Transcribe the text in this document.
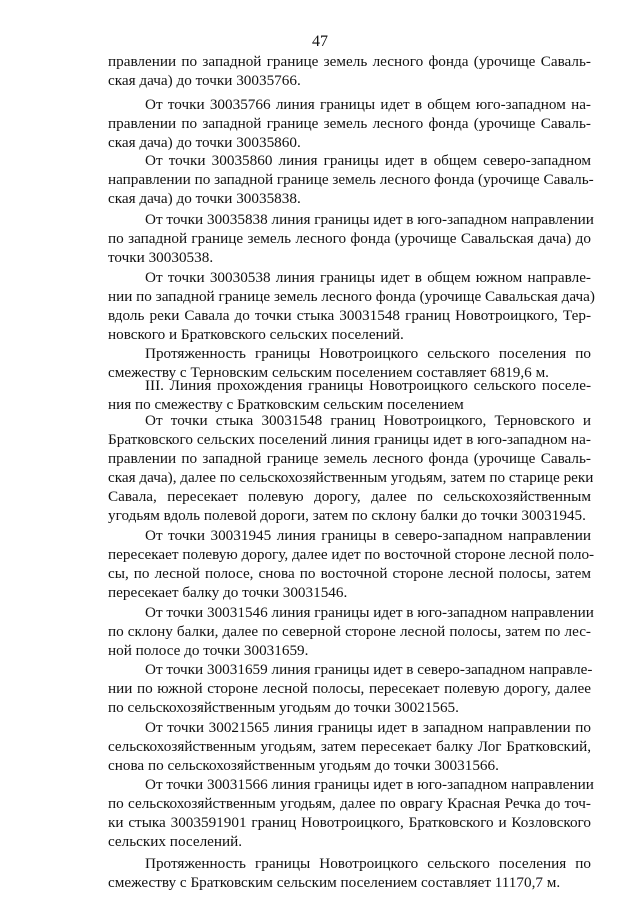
47
правлении по западной границе земель лесного фонда (урочище Саваль-
ская дача) до точки 30035766.
От точки 30035766 линия границы идет в общем юго-западном на-
правлении по западной границе земель лесного фонда (урочище Саваль-
ская дача) до точки 30035860.
От точки 30035860 линия границы идет в общем северо-западном
направлении по западной границе земель лесного фонда (урочище Саваль-
ская дача) до точки 30035838.
От точки 30035838 линия границы идет в юго-западном направлении
по западной границе земель лесного фонда (урочище Савальская дача) до
точки 30030538.
От точки 30030538 линия границы идет в общем южном направле-
нии по западной границе земель лесного фонда (урочище Савальская дача)
вдоль реки Савала до точки стыка 30031548 границ Новотроицкого, Тер-
новского и Братковского сельских поселений.
Протяженность границы Новотроицкого сельского поселения по
смежеству с Терновским сельским поселением составляет 6819,6 м.
III. Линия прохождения границы Новотроицкого сельского поселе-
ния по смежеству с Братковским сельским поселением
От точки стыка 30031548 границ Новотроицкого, Терновского и
Братковского сельских поселений линия границы идет в юго-западном на-
правлении по западной границе земель лесного фонда (урочище Саваль-
ская дача), далее по сельскохозяйственным угодьям, затем по старице реки
Савала, пересекает полевую дорогу, далее по сельскохозяйственным
угодьям вдоль полевой дороги, затем по склону балки до точки 30031945.
От точки 30031945 линия границы в северо-западном направлении
пересекает полевую дорогу, далее идет по восточной стороне лесной поло-
сы, по лесной полосе, снова по восточной стороне лесной полосы, затем
пересекает балку до точки 30031546.
От точки 30031546 линия границы идет в юго-западном направлении
по склону балки, далее по северной стороне лесной полосы, затем по лес-
ной полосе до точки 30031659.
От точки 30031659 линия границы идет в северо-западном направле-
нии по южной стороне лесной полосы, пересекает полевую дорогу, далее
по сельскохозяйственным угодьям до точки 30021565.
От точки 30021565 линия границы идет в западном направлении по
сельскохозяйственным угодьям, затем пересекает балку Лог Братковский,
снова по сельскохозяйственным угодьям до точки 30031566.
От точки 30031566 линия границы идет в юго-западном направлении
по сельскохозяйственным угодьям, далее по оврагу Красная Речка до точ-
ки стыка 3003591901 границ Новотроицкого, Братковского и Козловского
сельских поселений.
Протяженность границы Новотроицкого сельского поселения по
смежеству с Братковским сельским поселением составляет 11170,7 м.
